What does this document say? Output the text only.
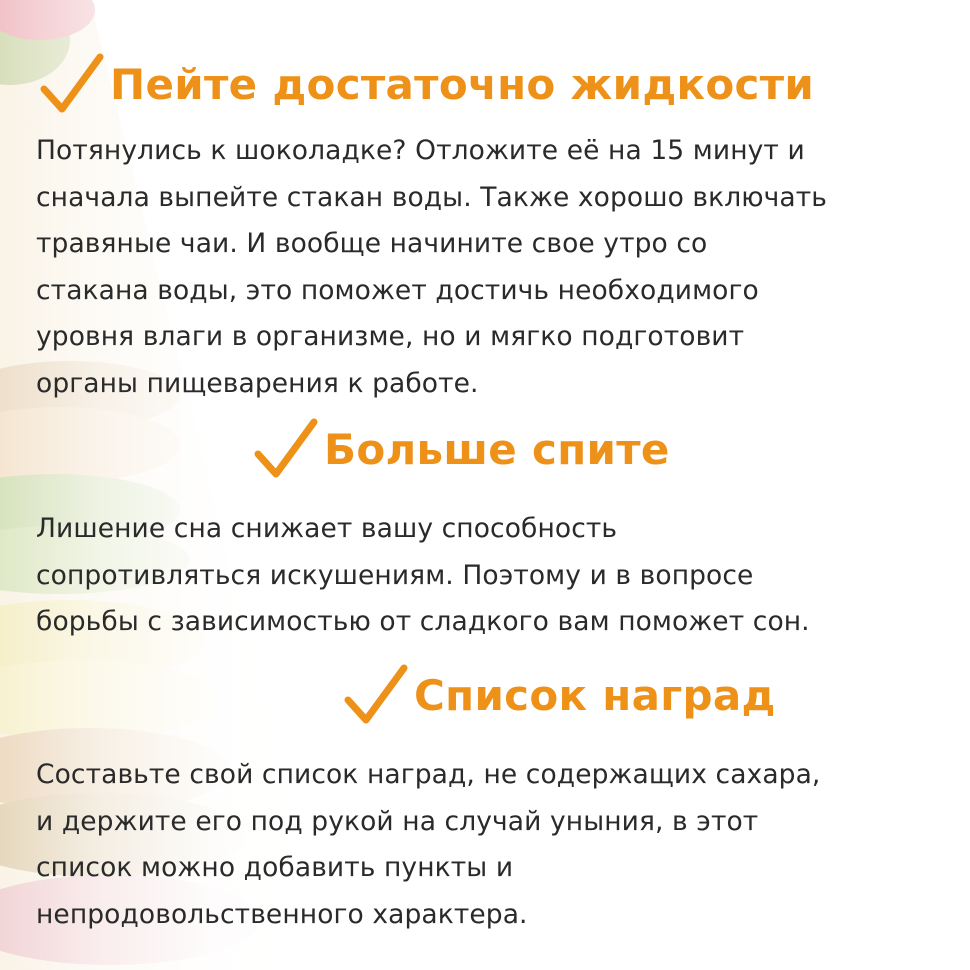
Пейте достаточно жидкости

Потянулись к шоколадке? Отложите её на 15 минут и
сначала выпейте стакан воды. Также хорошо включать
травяные чаи. И вообще начините свое утро со
стакана воды, это поможет достичь необходимого
уровня влаги в организме, но и мягко подготовит
органы пищеварения к работе.

Больше спите

Лишение сна снижает вашу способность
сопротивляться искушениям. Поэтому и в вопросе
борьбы с зависимостью от сладкого вам поможет сон.

Список наград

Составьте свой список наград, не содержащих сахара,
и держите его под рукой на случай уныния, в этот
список можно добавить пункты и
непродовольственного характера.
